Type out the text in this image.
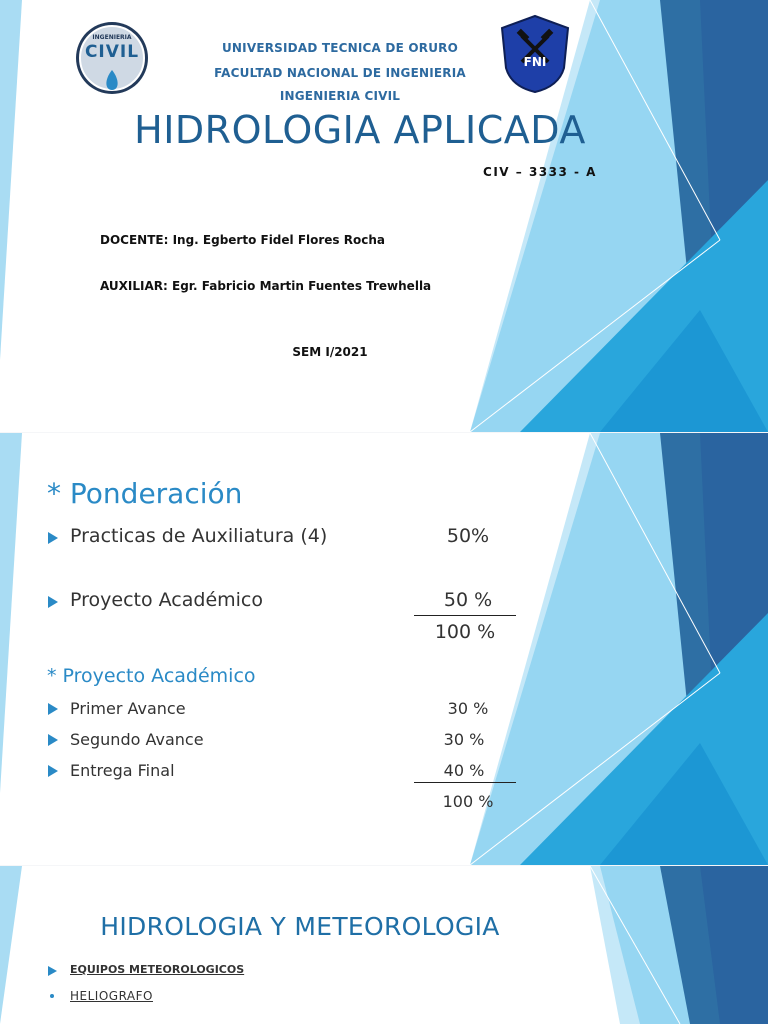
INGENIERIA
CIVIL	FNI
UNIVERSIDAD TECNICA DE ORURO
FACULTAD NACIONAL DE INGENIERIA
INGENIERIA CIVIL
HIDROLOGIA APLICADA
CIV – 3333 - A
DOCENTE: Ing. Egberto Fidel Flores Rocha
AUXILIAR: Egr. Fabricio Martin Fuentes Trewhella
SEM I/2021
* Ponderación
Practicas de Auxiliatura (4)	50%
Proyecto Académico	50 %
100 %
* Proyecto Académico
Primer Avance	30 %
Segundo Avance	30 %
Entrega Final	40 %
100 %
HIDROLOGIA Y METEOROLOGIA
EQUIPOS METEOROLOGICOS
HELIOGRAFO
